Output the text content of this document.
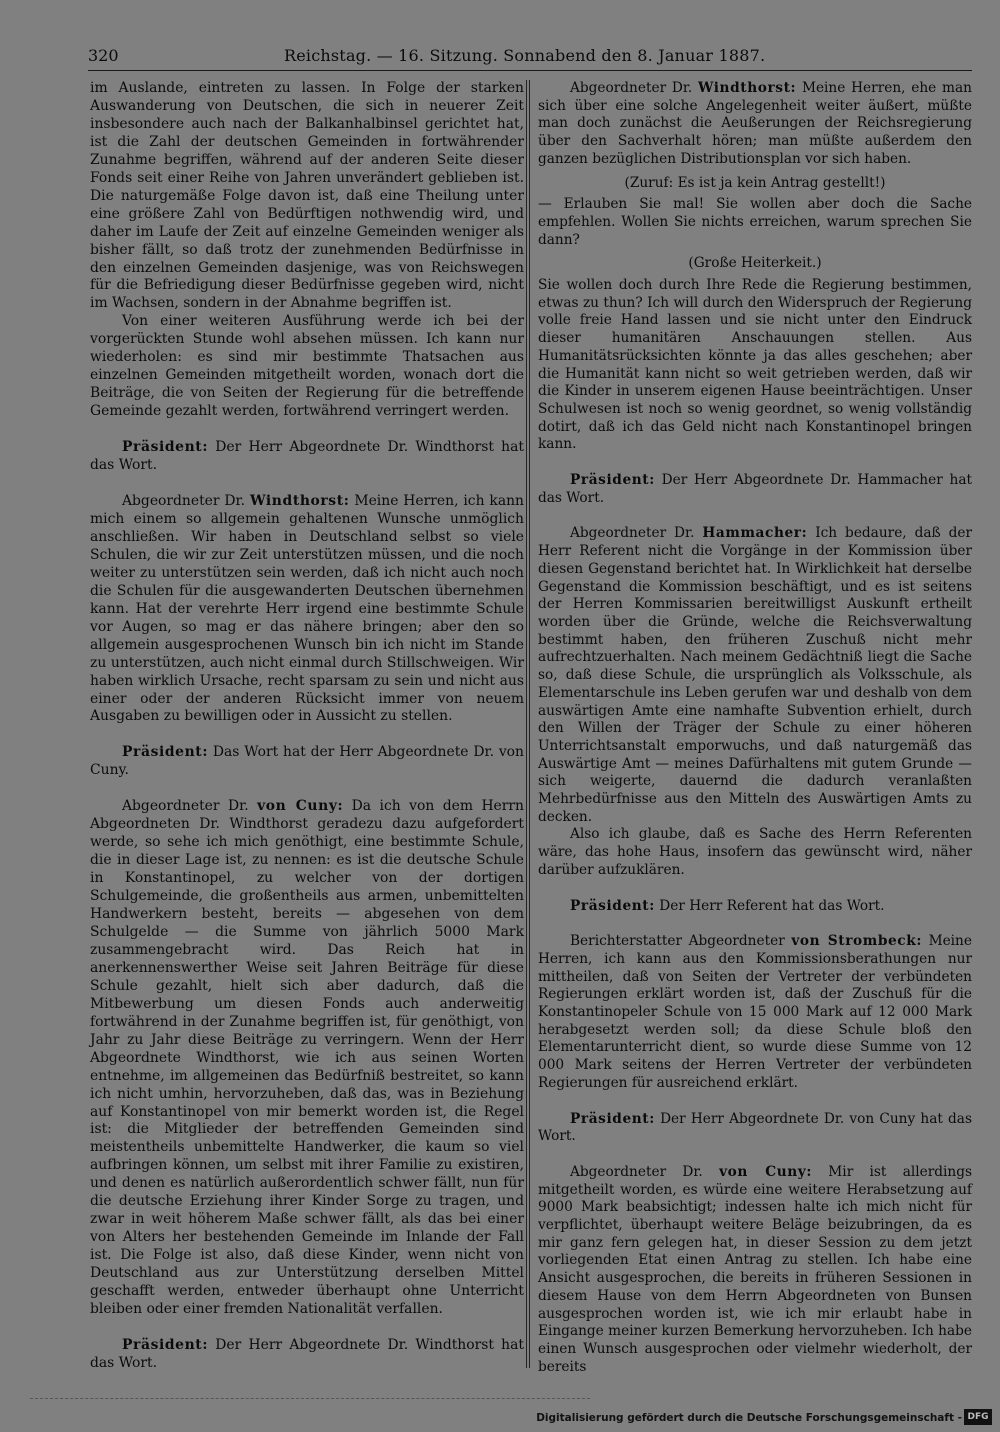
320	Reichstag. — 16. Sitzung. Sonnabend den 8. Januar 1887.

im Auslande, eintreten zu lassen. In Folge der starken Auswanderung von Deutschen, die sich in neuerer Zeit insbesondere auch nach der Balkanhalbinsel gerichtet hat, ist die Zahl der deutschen Gemeinden in fortwährender Zunahme begriffen, während auf der anderen Seite dieser Fonds seit einer Reihe von Jahren unverändert geblieben ist. Die naturgemäße Folge davon ist, daß eine Theilung unter eine größere Zahl von Bedürftigen nothwendig wird, und daher im Laufe der Zeit auf einzelne Gemeinden weniger als bisher fällt, so daß trotz der zunehmenden Bedürfnisse in den einzelnen Gemeinden dasjenige, was von Reichswegen für die Befriedigung dieser Bedürfnisse gegeben wird, nicht im Wachsen, sondern in der Abnahme begriffen ist.

Von einer weiteren Ausführung werde ich bei der vorgerückten Stunde wohl absehen müssen. Ich kann nur wiederholen: es sind mir bestimmte Thatsachen aus einzelnen Gemeinden mitgetheilt worden, wonach dort die Beiträge, die von Seiten der Regierung für die betreffende Gemeinde gezahlt werden, fortwährend verringert werden.

Präsident: Der Herr Abgeordnete Dr. Windthorst hat das Wort.

Abgeordneter Dr. Windthorst: Meine Herren, ich kann mich einem so allgemein gehaltenen Wunsche unmöglich anschließen. Wir haben in Deutschland selbst so viele Schulen, die wir zur Zeit unterstützen müssen, und die noch weiter zu unterstützen sein werden, daß ich nicht auch noch die Schulen für die ausgewanderten Deutschen übernehmen kann. Hat der verehrte Herr irgend eine bestimmte Schule vor Augen, so mag er das nähere bringen; aber den so allgemein ausgesprochenen Wunsch bin ich nicht im Stande zu unterstützen, auch nicht einmal durch Stillschweigen. Wir haben wirklich Ursache, recht sparsam zu sein und nicht aus einer oder der anderen Rücksicht immer von neuem Ausgaben zu bewilligen oder in Aussicht zu stellen.

Präsident: Das Wort hat der Herr Abgeordnete Dr. von Cuny.

Abgeordneter Dr. von Cuny: Da ich von dem Herrn Abgeordneten Dr. Windthorst geradezu dazu aufgefordert werde, so sehe ich mich genöthigt, eine bestimmte Schule, die in dieser Lage ist, zu nennen: es ist die deutsche Schule in Konstantinopel, zu welcher von der dortigen Schulgemeinde, die großentheils aus armen, unbemittelten Handwerkern besteht, bereits — abgesehen von dem Schulgelde — die Summe von jährlich 5000 Mark zusammengebracht wird. Das Reich hat in anerkennenswerther Weise seit Jahren Beiträge für diese Schule gezahlt, hielt sich aber dadurch, daß die Mitbewerbung um diesen Fonds auch anderweitig fortwährend in der Zunahme begriffen ist, für genöthigt, von Jahr zu Jahr diese Beiträge zu verringern. Wenn der Herr Abgeordnete Windthorst, wie ich aus seinen Worten entnehme, im allgemeinen das Bedürfniß bestreitet, so kann ich nicht umhin, hervorzuheben, daß das, was in Beziehung auf Konstantinopel von mir bemerkt worden ist, die Regel ist: die Mitglieder der betreffenden Gemeinden sind meistentheils unbemittelte Handwerker, die kaum so viel aufbringen können, um selbst mit ihrer Familie zu existiren, und denen es natürlich außerordentlich schwer fällt, nun für die deutsche Erziehung ihrer Kinder Sorge zu tragen, und zwar in weit höherem Maße schwer fällt, als das bei einer von Alters her bestehenden Gemeinde im Inlande der Fall ist. Die Folge ist also, daß diese Kinder, wenn nicht von Deutschland aus zur Unterstützung derselben Mittel geschafft werden, entweder überhaupt ohne Unterricht bleiben oder einer fremden Nationalität verfallen.

Präsident: Der Herr Abgeordnete Dr. Windthorst hat das Wort.

Abgeordneter Dr. Windthorst: Meine Herren, ehe man sich über eine solche Angelegenheit weiter äußert, müßte man doch zunächst die Aeußerungen der Reichsregierung über den Sachverhalt hören; man müßte außerdem den ganzen bezüglichen Distributionsplan vor sich haben.

(Zuruf: Es ist ja kein Antrag gestellt!)

— Erlauben Sie mal! Sie wollen aber doch die Sache empfehlen. Wollen Sie nichts erreichen, warum sprechen Sie dann?

(Große Heiterkeit.)

Sie wollen doch durch Ihre Rede die Regierung bestimmen, etwas zu thun? Ich will durch den Widerspruch der Regierung volle freie Hand lassen und sie nicht unter den Eindruck dieser humanitären Anschauungen stellen. Aus Humanitätsrücksichten könnte ja das alles geschehen; aber die Humanität kann nicht so weit getrieben werden, daß wir die Kinder in unserem eigenen Hause beeinträchtigen. Unser Schulwesen ist noch so wenig geordnet, so wenig vollständig dotirt, daß ich das Geld nicht nach Konstantinopel bringen kann.

Präsident: Der Herr Abgeordnete Dr. Hammacher hat das Wort.

Abgeordneter Dr. Hammacher: Ich bedaure, daß der Herr Referent nicht die Vorgänge in der Kommission über diesen Gegenstand berichtet hat. In Wirklichkeit hat derselbe Gegenstand die Kommission beschäftigt, und es ist seitens der Herren Kommissarien bereitwilligst Auskunft ertheilt worden über die Gründe, welche die Reichsverwaltung bestimmt haben, den früheren Zuschuß nicht mehr aufrechtzuerhalten. Nach meinem Gedächtniß liegt die Sache so, daß diese Schule, die ursprünglich als Volksschule, als Elementarschule ins Leben gerufen war und deshalb von dem auswärtigen Amte eine namhafte Subvention erhielt, durch den Willen der Träger der Schule zu einer höheren Unterrichtsanstalt emporwuchs, und daß naturgemäß das Auswärtige Amt — meines Dafürhaltens mit gutem Grunde — sich weigerte, dauernd die dadurch veranlaßten Mehrbedürfnisse aus den Mitteln des Auswärtigen Amts zu decken.

Also ich glaube, daß es Sache des Herrn Referenten wäre, das hohe Haus, insofern das gewünscht wird, näher darüber aufzuklären.

Präsident: Der Herr Referent hat das Wort.

Berichterstatter Abgeordneter von Strombeck: Meine Herren, ich kann aus den Kommissionsberathungen nur mittheilen, daß von Seiten der Vertreter der verbündeten Regierungen erklärt worden ist, daß der Zuschuß für die Konstantinopeler Schule von 15 000 Mark auf 12 000 Mark herabgesetzt werden soll; da diese Schule bloß den Elementarunterricht dient, so wurde diese Summe von 12 000 Mark seitens der Herren Vertreter der verbündeten Regierungen für ausreichend erklärt.

Präsident: Der Herr Abgeordnete Dr. von Cuny hat das Wort.

Abgeordneter Dr. von Cuny: Mir ist allerdings mitgetheilt worden, es würde eine weitere Herabsetzung auf 9000 Mark beabsichtigt; indessen halte ich mich nicht für verpflichtet, überhaupt weitere Beläge beizubringen, da es mir ganz fern gelegen hat, in dieser Session zu dem jetzt vorliegenden Etat einen Antrag zu stellen. Ich habe eine Ansicht ausgesprochen, die bereits in früheren Sessionen in diesem Hause von dem Herrn Abgeordneten von Bunsen ausgesprochen worden ist, wie ich mir erlaubt habe in Eingange meiner kurzen Bemerkung hervorzuheben. Ich habe einen Wunsch ausgesprochen oder vielmehr wiederholt, der bereits

Digitalisierung gefördert durch die Deutsche Forschungsgemeinschaft - DFG
